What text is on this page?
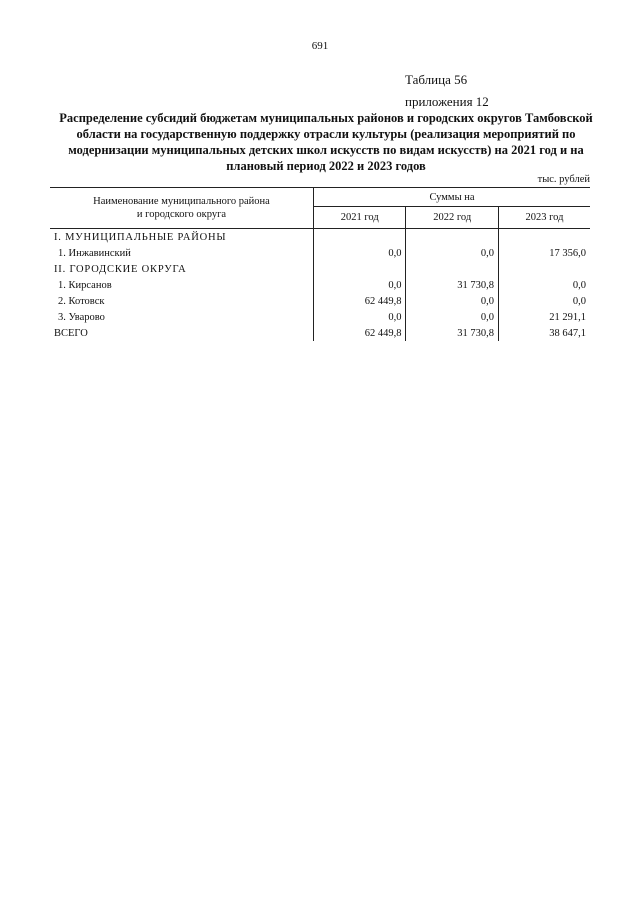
691
Таблица 56
приложения 12
Распределение субсидий бюджетам муниципальных районов и городских округов Тамбовской области на государственную поддержку отрасли культуры (реализация мероприятий по модернизации муниципальных детских школ искусств по видам искусств) на 2021 год и на плановый период 2022 и 2023 годов
тыс. рублей
Наименование муниципального района
и городского округа	Суммы на		
	2021 год	2022 год	2023 год
I. МУНИЦИПАЛЬНЫЕ РАЙОНЫ			
1. Инжавинский	0,0	0,0	17 356,0
II. ГОРОДСКИЕ ОКРУГА			
1. Кирсанов	0,0	31 730,8	0,0
2. Котовск	62 449,8	0,0	0,0
3. Уварово	0,0	0,0	21 291,1
ВСЕГО	62 449,8	31 730,8	38 647,1
